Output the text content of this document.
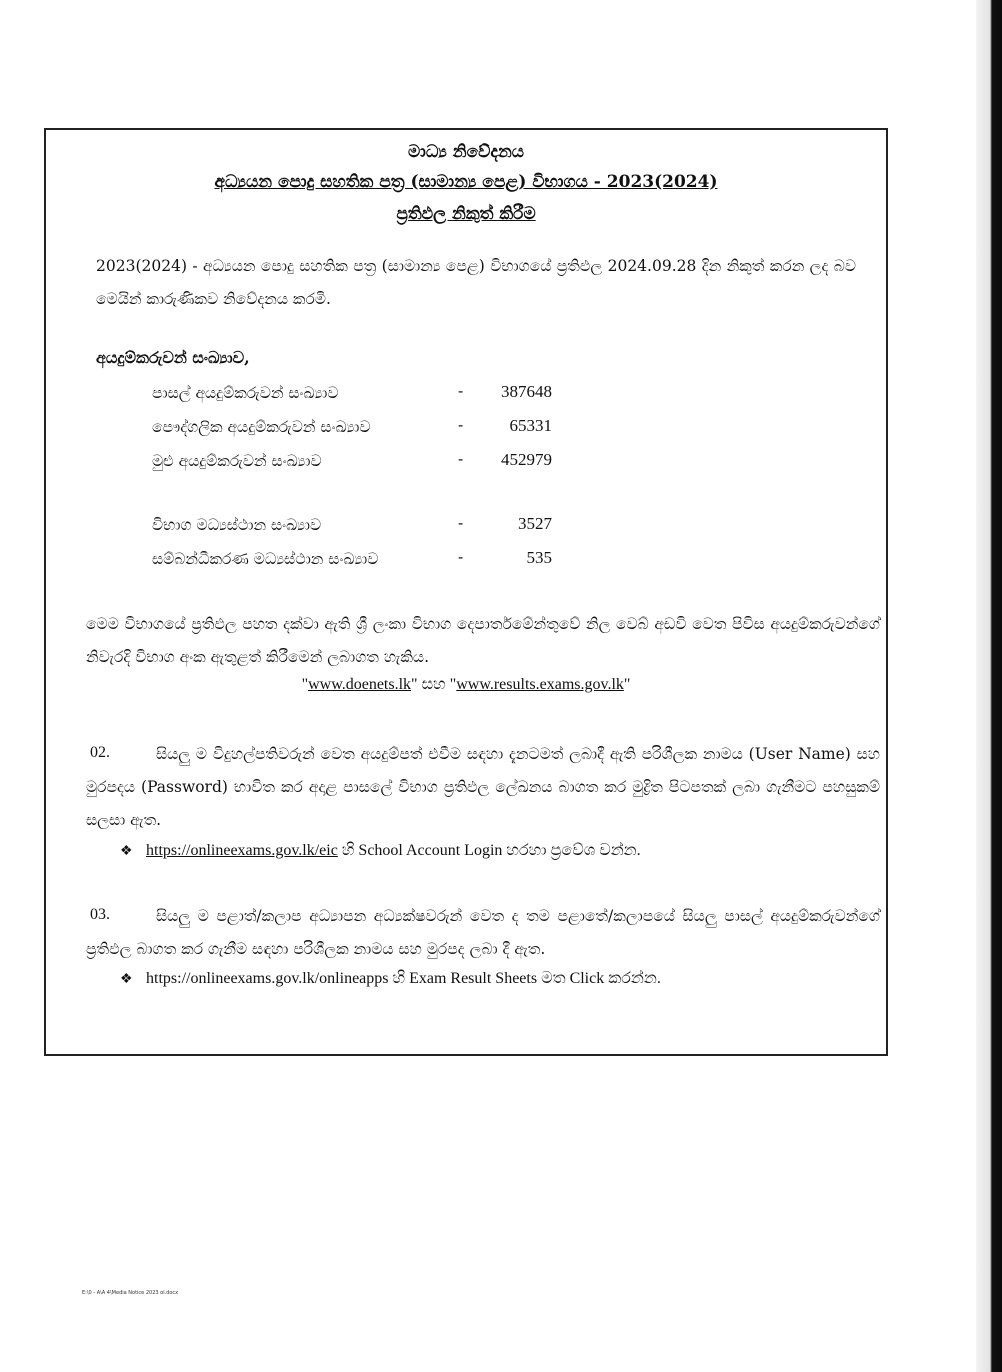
මාධ්‍ය නිවේදනය
අධ්‍යයන පොදු සහතික පත්‍ර (සාමාන්‍ය පෙළ) විභාගය - 2023(2024)
ප්‍රතිඵල නිකුත් කිරීම
2023(2024) - අධ්‍යයන පොදු සහතික පත්‍ර (සාමාන්‍ය පෙළ) විභාගයේ ප්‍රතිඵල 2024.09.28 දින නිකුත් කරන ලද බව මෙයින් කාරුණිකව නිවේදනය කරමි.
අයදුම්කරුවන් සංඛ්‍යාව,
පාසල් අයදුම්කරුවන් සංඛ්‍යාව	- 387648
පෞද්ගලික අයදුම්කරුවන් සංඛ්‍යාව	-	65331
මුළු අයදුම්කරුවන් සංඛ්‍යාව	- 452979
විභාග මධ්‍යස්ථාන සංඛ්‍යාව	-	3527
සම්බන්ධීකරණ මධ්‍යස්ථාන සංඛ්‍යාව	-	535
මෙම විභාගයේ ප්‍රතිඵල පහත දක්වා ඇති ශ්‍රී ලංකා විභාග දෙපාර්තමේන්තුවේ නිල වෙබ් අඩවි වෙත පිවිස අයදුම්කරුවන්ගේ නිවැරදි විභාග අංක ඇතුළත් කිරීමෙන් ලබාගත හැකිය.
"www.doenets.lk" සහ "www.results.exams.gov.lk"
02.	සියලු ම විදුහල්පතිවරුන් වෙත අයදුම්පත් එවීම සඳහා දැනටමත් ලබාදී ඇති පරිශීලක නාමය (User Name) සහ මුරපදය (Password) භාවිත කර අදාළ පාසලේ විභාග ප්‍රතිඵල ලේඛනය බාගත කර මුද්‍රිත පිටපතක් ලබා ගැනීමට පහසුකම් සලසා ඇත.
❖ https://onlineexams.gov.lk/eic හි School Account Login හරහා ප්‍රවේශ වන්න.
03.	සියලු ම පළාත්/කලාප අධ්‍යාපන අධ්‍යක්ෂවරුන් වෙත ද තම පළාතේ/කලාපයේ සියලු පාසල් අයදුම්කරුවන්ගේ ප්‍රතිඵල බාගත කර ගැනීම සඳහා පරිශීලක නාමය සහ මුරපද ලබා දී ඇත.
❖ https://onlineexams.gov.lk/onlineapps හි Exam Result Sheets මත Click කරන්න.
E:\0 - A\A 4\Media Notice 2023 ol.docx
